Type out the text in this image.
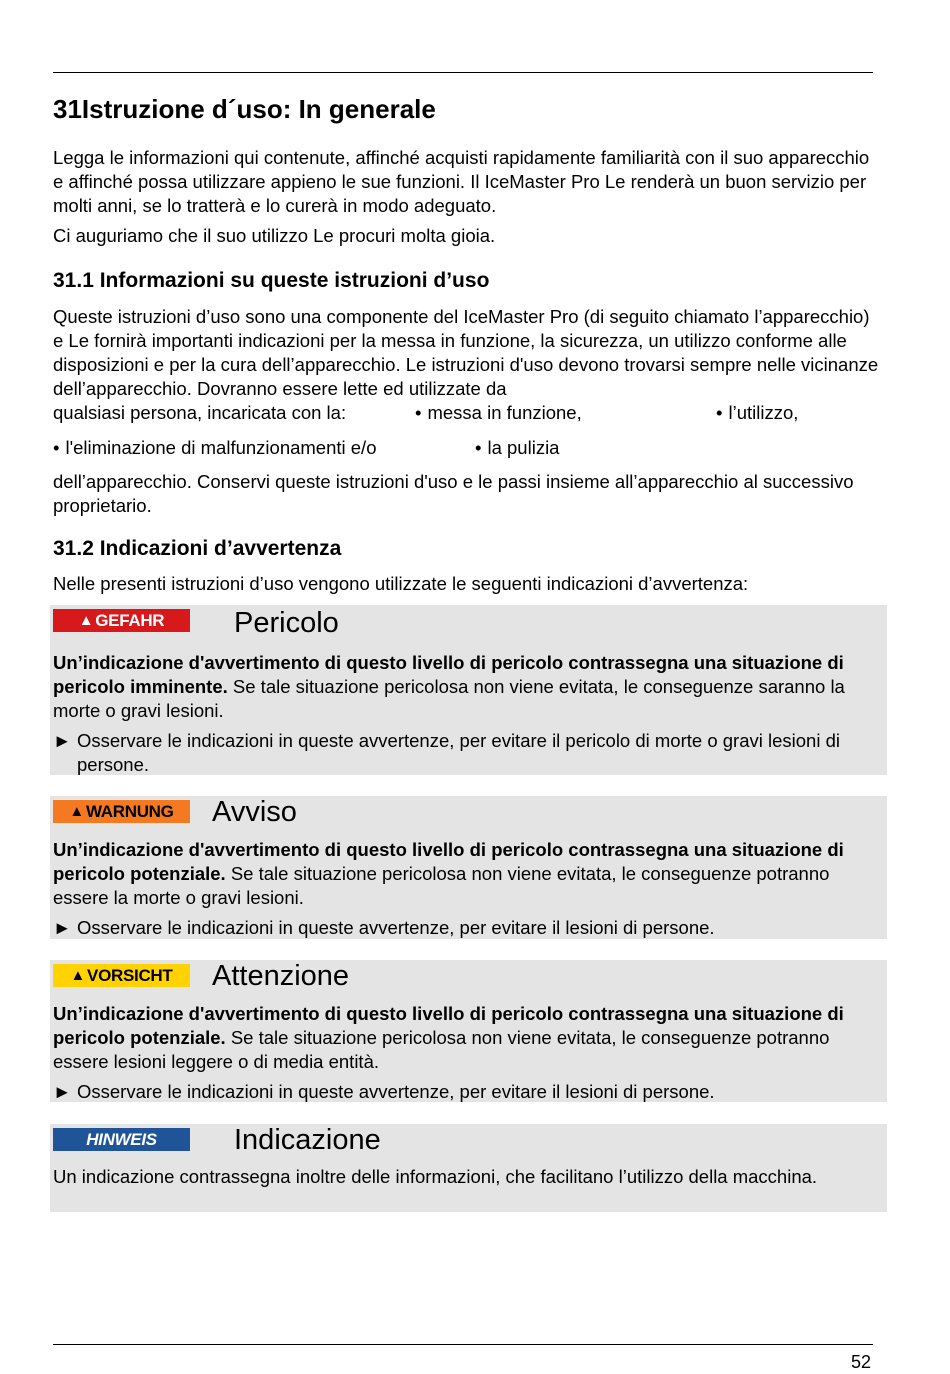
31Istruzione d´uso: In generale

Legga le informazioni qui contenute, affinché acquisti rapidamente familiarità con il suo apparecchio e affinché possa utilizzare appieno le sue funzioni. Il IceMaster Pro Le renderà un buon servizio per molti anni, se lo tratterà e lo curerà in modo adeguato.

Ci auguriamo che il suo utilizzo Le procuri molta gioia.

31.1 Informazioni su queste istruzioni d’uso

Queste istruzioni d’uso sono una componente del IceMaster Pro (di seguito chiamato l’apparecchio) e Le fornirà importanti indicazioni per la messa in funzione, la sicurezza, un utilizzo conforme alle disposizioni e per la cura dell’apparecchio. Le istruzioni d'uso devono trovarsi sempre nelle vicinanze dell’apparecchio. Dovranno essere lette ed utilizzate da

qualsiasi persona, incaricata con la:	• messa in funzione,	• l’utilizzo,
• l'eliminazione di malfunzionamenti e/o	• la pulizia

dell’apparecchio. Conservi queste istruzioni d'uso e le passi insieme all’apparecchio al successivo proprietario.

31.2 Indicazioni d’avvertenza

Nelle presenti istruzioni d’uso vengono utilizzate le seguenti indicazioni d’avvertenza:

▲ GEFAHR Pericolo

Un’indicazione d'avvertimento di questo livello di pericolo contrassegna una situazione di pericolo imminente. Se tale situazione pericolosa non viene evitata, le conseguenze saranno la morte o gravi lesioni.

► Osservare le indicazioni in queste avvertenze, per evitare il pericolo di morte o gravi lesioni di persone.
▲ WARNUNG Avviso

Un’indicazione d'avvertimento di questo livello di pericolo contrassegna una situazione di pericolo potenziale. Se tale situazione pericolosa non viene evitata, le conseguenze potranno essere la morte o gravi lesioni.

► Osservare le indicazioni in queste avvertenze, per evitare il lesioni di persone.
▲ VORSICHT Attenzione

Un’indicazione d'avvertimento di questo livello di pericolo contrassegna una situazione di pericolo potenziale. Se tale situazione pericolosa non viene evitata, le conseguenze potranno essere lesioni leggere o di media entità.

► Osservare le indicazioni in queste avvertenze, per evitare il lesioni di persone.
HINWEIS	Indicazione

Un indicazione contrassegna inoltre delle informazioni, che facilitano l’utilizzo della macchina.

52
